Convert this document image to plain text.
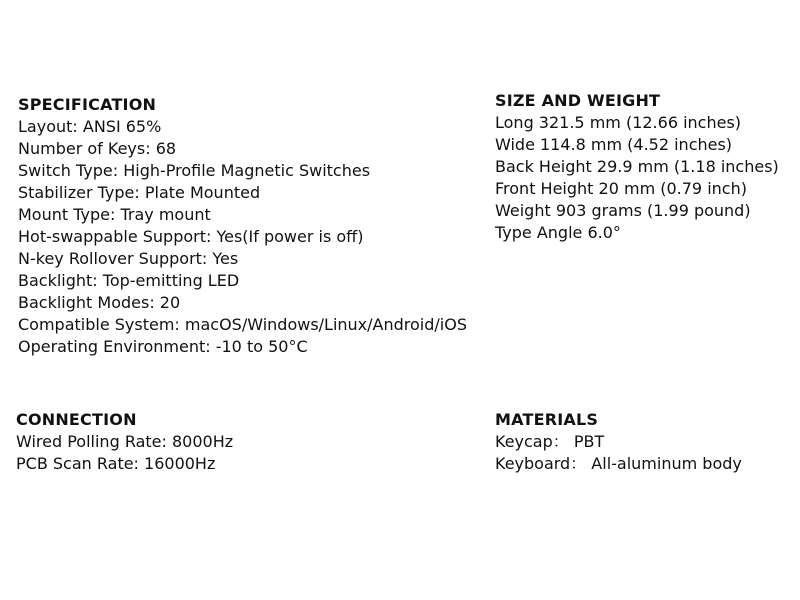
SPECIFICATION
Layout: ANSI 65%
Number of Keys: 68
Switch Type: High-Profile Magnetic Switches
Stabilizer Type: Plate Mounted
Mount Type: Tray mount
Hot-swappable Support: Yes(If power is off)
N-key Rollover Support: Yes
Backlight: Top-emitting LED
Backlight Modes: 20
Compatible System: macOS/Windows/Linux/Android/iOS
Operating Environment: -10 to 50°C
SIZE AND WEIGHT
Long 321.5 mm (12.66 inches)
Wide 114.8 mm (4.52 inches)
Back Height 29.9 mm (1.18 inches)
Front Height 20 mm (0.79 inch)
Weight 903 grams (1.99 pound)
Type Angle 6.0°
CONNECTION
Wired Polling Rate: 8000Hz
PCB Scan Rate: 16000Hz
MATERIALS
Keycap： PBT
Keyboard： All-aluminum body
